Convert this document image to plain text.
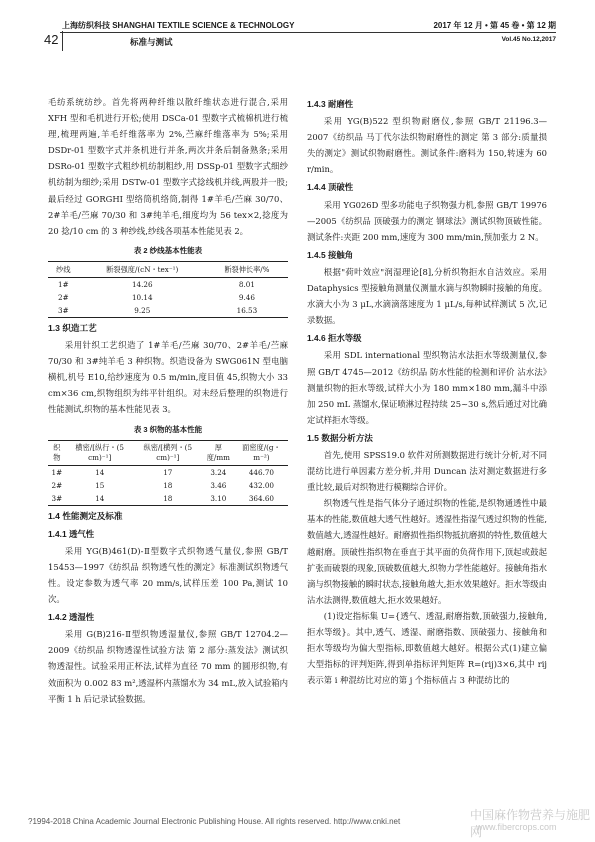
上海纺织科技 SHANGHAI TEXTILE SCIENCE & TECHNOLOGY	2017 年 12 月 • 第 45 卷 • 第 12 期
42	标准与测试	Vol.45 No.12,2017

毛纺系统纺纱。首先将两种纤维以散纤维状态进行混合,采用 XFH 型和毛机进行开松;使用 DSCa-01 型数字式梳棉机进行梳理,梳理两遍,羊毛纤维落率为 2%,苎麻纤维落率为 5%;采用 DSDr-01 型数字式并条机进行并条,两次并条后制备熟条;采用 DSRo-01 型数字式粗纱机纺制粗纱,用 DSSp-01 型数字式细纱机纺制为细纱;采用 DSTw-01 型数字式捻线机并线,两股并一股;最后经过 GORGHI 型络筒机络筒,制得 1#羊毛/苎麻 30/70、2#羊毛/苎麻 70/30 和 3#纯羊毛,细度均为 56 tex×2,捻度为 20 捻/10 cm 的 3 种纱线,纱线各项基本性能见表 2。

表 2 纱线基本性能表
纱线	断裂强度/(cN・tex⁻¹)	断裂伸长率/%
1#	14.26	8.01
2#	10.14	9.46
3#	9.25	16.53
1.3 织造工艺

采用针织工艺织造了 1#羊毛/苎麻 30/70、2#羊毛/苎麻 70/30 和 3#纯羊毛 3 种织物。织造设备为 SWG061N 型电脑横机,机号 E10,给纱速度为 0.5 m/min,度目值 45,织物大小 33 cm×36 cm,织物组织为纬平针组织。对未经后整理的织物进行性能测试,织物的基本性能见表 3。

表 3 织物的基本性能
织物	横密/[纵行・(5 cm)⁻¹]	纵密/[横列・(5 cm)⁻¹]	厚度/mm	面密度/(g・m⁻²)
1#	14	17	3.24	446.70
2#	15	18	3.46	432.00
3#	14	18	3.10	364.60
1.4 性能测定及标准
1.4.1 透气性

采用 YG(B)461(D)-Ⅱ型数字式织物透气量仪,参照 GB/T 15453—1997《纺织品 织物透气性的测定》标准测试织物透气性。设定参数为透气率 20 mm/s,试样压差 100 Pa,测试 10 次。

1.4.2 透湿性

采用 G(B)216-Ⅱ型织物透湿量仪,参照 GB/T 12704.2—2009《纺织品 织物透湿性试验方法 第 2 部分:蒸发法》测试织物透湿性。试验采用正杯法,试样为直径 70 mm 的圆形织物,有效面积为 0.002 83 m²,透湿杯内蒸馏水为 34 mL,放入试验箱内平衡 1 h 后记录试验数据。

1.4.3 耐磨性

采用 YG(B)522 型织物耐磨仪,参照 GB/T 21196.3—2007《纺织品 马丁代尔法织物耐磨性的测定 第 3 部分:质量损失的测定》测试织物耐磨性。测试条件:磨料为 150,转速为 60 r/min。

1.4.4 顶破性

采用 YG026D 型多功能电子织物强力机,参照 GB/T 19976—2005《纺织品 顶破强力的测定 钢球法》测试织物顶破性能。测试条件:夹距 200 mm,速度为 300 mm/min,预加张力 2 N。

1.4.5 接触角

根据"荷叶效应"润湿理论[8],分析织物拒水自洁效应。采用 Dataphysics 型接触角测量仪测量水滴与织物瞬时接触的角度。水滴大小为 3 μL,水滴滴落速度为 1 μL/s,每种试样测试 5 次,记录数据。

1.4.6 拒水等级

采用 SDL international 型织物沾水法拒水等级测量仪,参照 GB/T 4745—2012《纺织品 防水性能的检测和评价 沾水法》测量织物的拒水等级,试样大小为 180 mm×180 mm,漏斗中添加 250 mL 蒸馏水,保证喷淋过程持续 25~30 s,然后通过对比确定试样拒水等级。

1.5 数据分析方法

首先,使用 SPSS19.0 软件对所测数据进行统计分析,对不同混纺比进行单因素方差分析,并用 Duncan 法对测定数据进行多重比较,最后对织物进行模糊综合评价。

织物透气性是指气体分子通过织物的性能,是织物通透性中最基本的性能,数值越大透气性越好。透湿性指湿气透过织物的性能,数值越大,透湿性越好。耐磨损性指织物抵抗磨损的特性,数值越大越耐磨。顶破性指织物在垂直于其平面的负荷作用下,顶起或鼓起扩张而破裂的现象,顶破数值越大,织物力学性能越好。接触角指水滴与织物接触的瞬时状态,接触角越大,拒水效果越好。拒水等级由沾水法测得,数值越大,拒水效果越好。

(1)设定指标集 U={透气、透湿,耐磨指数,顶破强力,接触角,拒水等级}。其中,透气、透湿、耐磨指数、顶破强力、接触角和拒水等级均为偏大型指标,即数值越大越好。根据公式(1)建立偏大型指标的评判矩阵,得到单指标评判矩阵 R=(rij)3×6,其中 rij 表示第 i 种混纺比对应的第 j 个指标值占 3 种混纺比的

?1994-2018 China Academic Journal Electronic Publishing House. All rights reserved. http://www.cnki.net	中国麻作物营养与施肥网
www.fibercrops.com
